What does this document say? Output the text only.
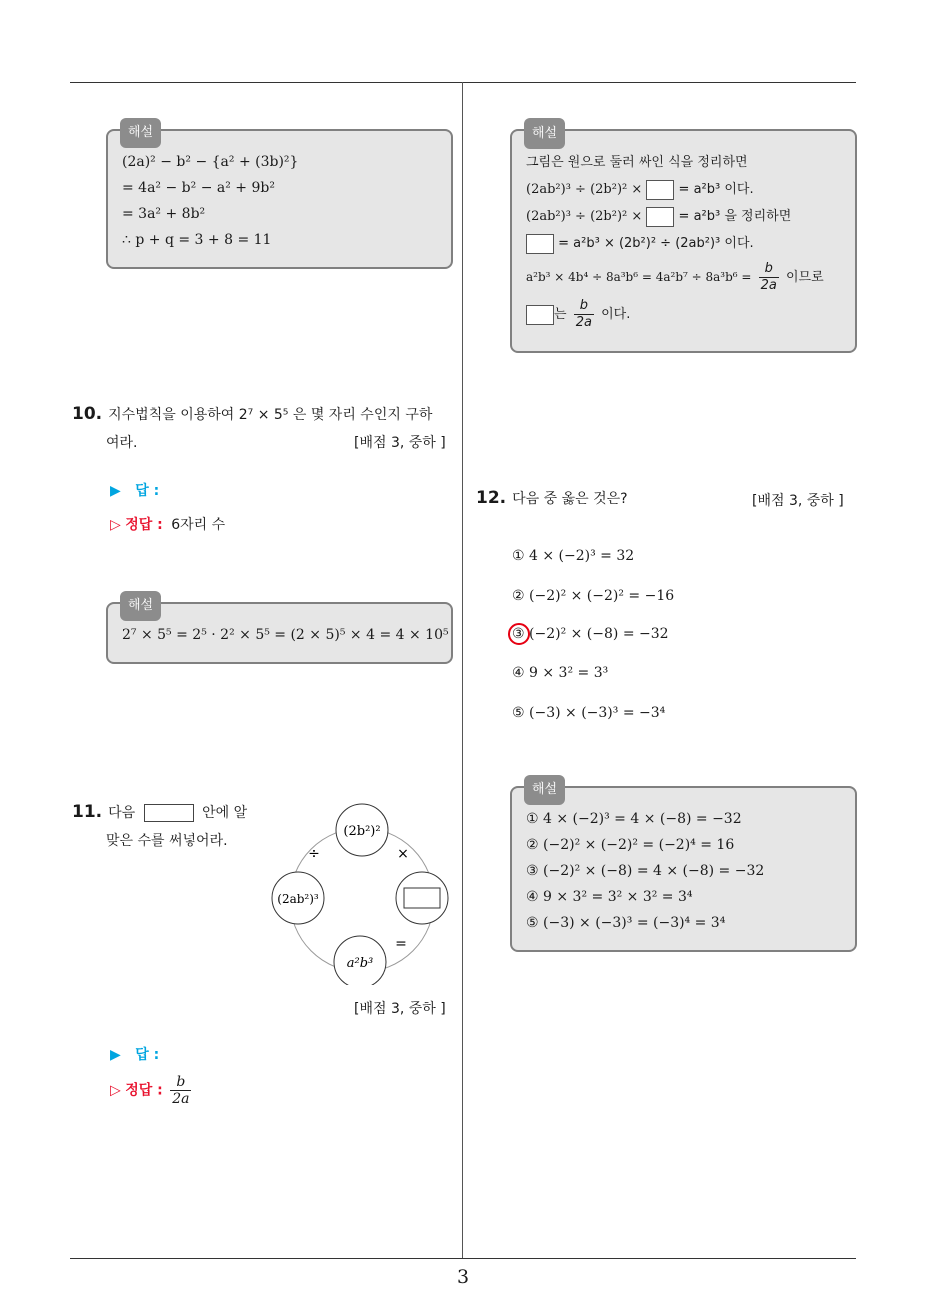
3
해설
(2a)² − b² − {a² + (3b)²}
= 4a² − b² − a² + 9b²
= 3a² + 8b²
∴ p + q = 3 + 8 = 11
10. 지수법칙을 이용하여 2⁷ × 5⁵ 은 몇 자리 수인지 구하
여라.	[배점 3, 중하 ]
▶ 답 :
▷ 정답 : 6자리 수
해설
2⁷ × 5⁵ = 2⁵ · 2² × 5⁵ = (2 × 5)⁵ × 4 = 4 × 10⁵
11. 다음	안에 알
맞은 수를 써넣어라.
(2b²)²
(2ab²)³
a²b³
÷	×
=
[배점 3, 중하 ]
▶ 답 :
▷ 정답 : $\frac{b}{2a}$
해설
그림은 원으로 둘러 싸인 식을 정리하면
(2ab²)³ ÷ (2b²)² ×	= a²b³ 이다.
(2ab²)³ ÷ (2b²)² ×	= a²b³ 을 정리하면
= a²b³ × (2b²)² ÷ (2ab²)³ 이다.
$a^2b^3 \times 4b^4 \div 8a^3b^6 = 4a^2b^7 \div 8a^3b^6 = \frac{b}{2a}$ 이므로
는 $\frac{b}{2a}$ 이다.
12. 다음 중 옳은 것은?	[배점 3, 중하 ]
① 4 × (−2)³ = 32
② (−2)² × (−2)² = −16
③ (−2)² × (−8) = −32
④ 9 × 3² = 3³
⑤ (−3) × (−3)³ = −3⁴
해설
① 4 × (−2)³ = 4 × (−8) = −32
② (−2)² × (−2)² = (−2)⁴ = 16
③ (−2)² × (−8) = 4 × (−8) = −32
④ 9 × 3² = 3² × 3² = 3⁴
⑤ (−3) × (−3)³ = (−3)⁴ = 3⁴
